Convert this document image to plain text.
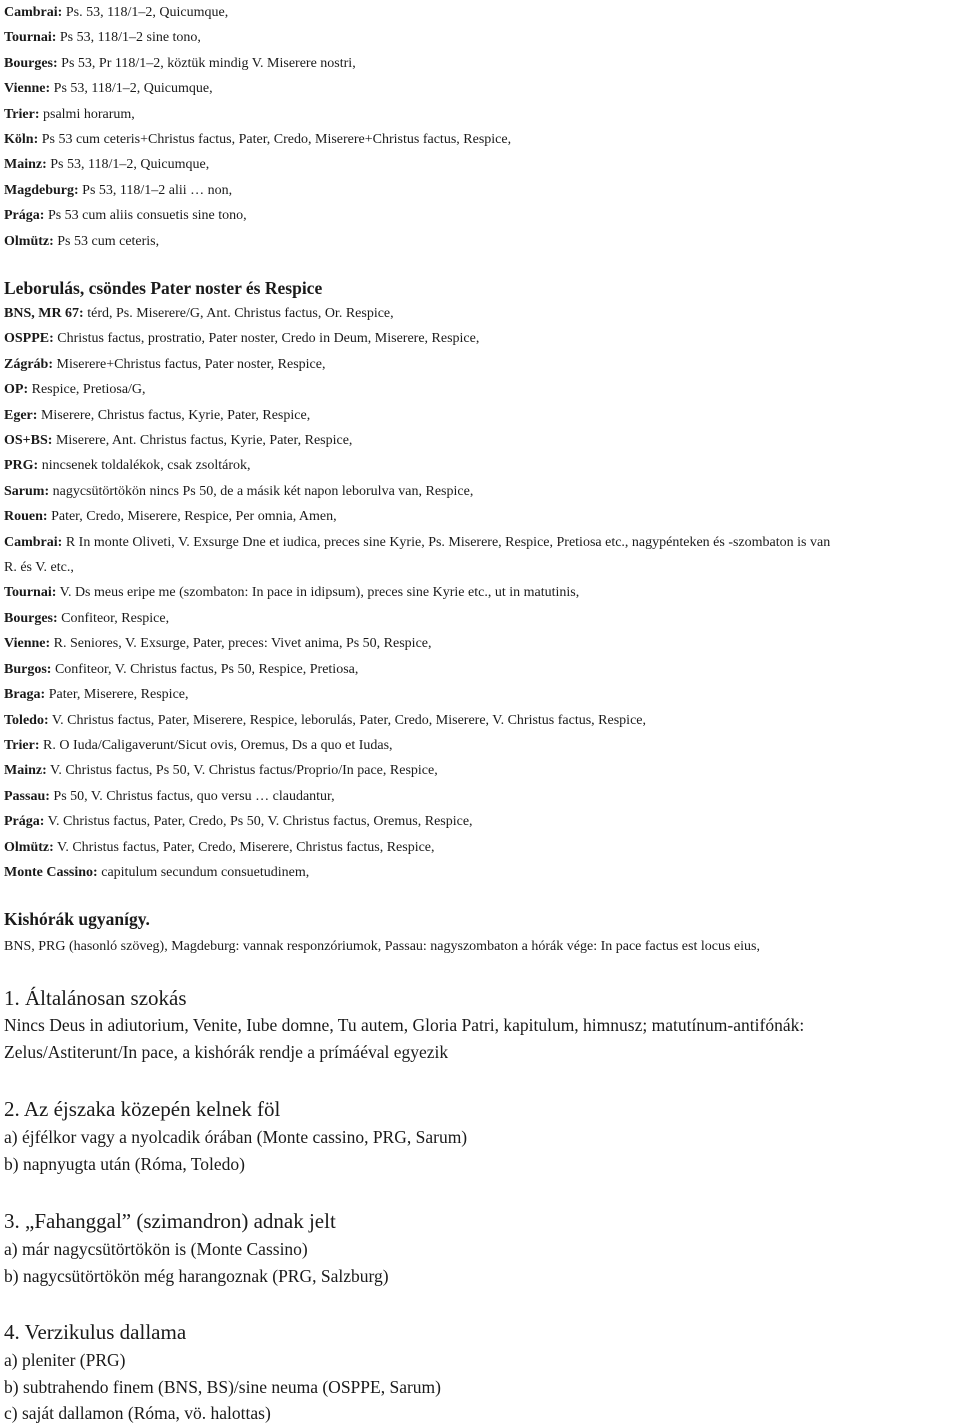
Cambrai: Ps. 53, 118/1–2, Quicumque,
Tournai: Ps 53, 118/1–2 sine tono,
Bourges: Ps 53, Pr 118/1–2, köztük mindig V. Miserere nostri,
Vienne: Ps 53, 118/1–2, Quicumque,
Trier: psalmi horarum,
Köln: Ps 53 cum ceteris+Christus factus, Pater, Credo, Miserere+Christus factus, Respice,
Mainz: Ps 53, 118/1–2, Quicumque,
Magdeburg: Ps 53, 118/1–2 alii … non,
Prága: Ps 53 cum aliis consuetis sine tono,
Olmütz: Ps 53 cum ceteris,
Leborulás, csöndes Pater noster és Respice
BNS, MR 67: térd, Ps. Miserere/G, Ant. Christus factus, Or. Respice,
OSPPE: Christus factus, prostratio, Pater noster, Credo in Deum, Miserere, Respice,
Zágráb: Miserere+Christus factus, Pater noster, Respice,
OP: Respice, Pretiosa/G,
Eger: Miserere, Christus factus, Kyrie, Pater, Respice,
OS+BS: Miserere, Ant. Christus factus, Kyrie, Pater, Respice,
PRG: nincsenek toldalékok, csak zsoltárok,
Sarum: nagycsütörtökön nincs Ps 50, de a másik két napon leborulva van, Respice,
Rouen: Pater, Credo, Miserere, Respice, Per omnia, Amen,
Cambrai: R In monte Oliveti, V. Exsurge Dne et iudica, preces sine Kyrie, Ps. Miserere, Respice, Pretiosa etc., nagypénteken és -szombaton is van
R. és V. etc.,
Tournai: V. Ds meus eripe me (szombaton: In pace in idipsum), preces sine Kyrie etc., ut in matutinis,
Bourges: Confiteor, Respice,
Vienne: R. Seniores, V. Exsurge, Pater, preces: Vivet anima, Ps 50, Respice,
Burgos: Confiteor, V. Christus factus, Ps 50, Respice, Pretiosa,
Braga: Pater, Miserere, Respice,
Toledo: V. Christus factus, Pater, Miserere, Respice, leborulás, Pater, Credo, Miserere, V. Christus factus, Respice,
Trier: R. O Iuda/Caligaverunt/Sicut ovis, Oremus, Ds a quo et Iudas,
Mainz: V. Christus factus, Ps 50, V. Christus factus/Proprio/In pace, Respice,
Passau: Ps 50, V. Christus factus, quo versu … claudantur,
Prága: V. Christus factus, Pater, Credo, Ps 50, V. Christus factus, Oremus, Respice,
Olmütz: V. Christus factus, Pater, Credo, Miserere, Christus factus, Respice,
Monte Cassino: capitulum secundum consuetudinem,
Kishórák ugyanígy.
BNS, PRG (hasonló szöveg), Magdeburg: vannak responzóriumok, Passau: nagyszombaton a hórák vége: In pace factus est locus eius,
1. Általánosan szokás
Nincs Deus in adiutorium, Venite, Iube domne, Tu autem, Gloria Patri, kapitulum, himnusz; matutínum-antifónák:
Zelus/Astiterunt/In pace, a kishórák rendje a prímáéval egyezik
2. Az éjszaka közepén kelnek föl
a) éjfélkor vagy a nyolcadik órában (Monte cassino, PRG, Sarum)
b) napnyugta után (Róma, Toledo)
3. „Fahanggal” (szimandron) adnak jelt
a) már nagycsütörtökön is (Monte Cassino)
b) nagycsütörtökön még harangoznak (PRG, Salzburg)
4. Verzikulus dallama
a) pleniter (PRG)
b) subtrahendo finem (BNS, BS)/sine neuma (OSPPE, Sarum)
c) saját dallamon (Róma, vö. halottas)
